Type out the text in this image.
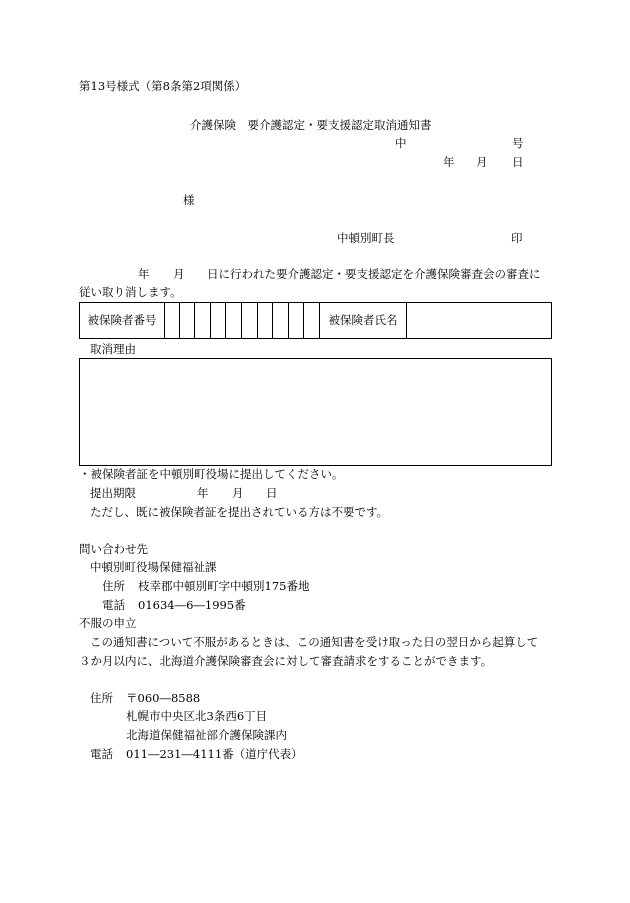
第13号様式（第8条第2項関係）
介護保険　要介護認定・要支援認定取消通知書
中	号
年 月 日
様
中頓別町長	印
年 月 日に行われた要介護認定・要支援認定を介護保険審査会の審査に
従い取り消します。
被保険者番号											被保険者氏名	
取消理由
・被保険者証を中頓別町役場に提出してください。
提出期限	年 月 日
ただし、既に被保険者証を提出されている方は不要です。
問い合わせ先
中頓別町役場保健福祉課
住所 枝幸郡中頓別町字中頓別175番地
電話 01634―6―1995番
不服の申立
この通知書について不服があるときは、この通知書を受け取った日の翌日から起算して
３か月以内に、北海道介護保険審査会に対して審査請求をすることができます。
住所 〒060―8588
札幌市中央区北3条西6丁目
北海道保健福祉部介護保険課内
電話 011―231―4111番（道庁代表）
